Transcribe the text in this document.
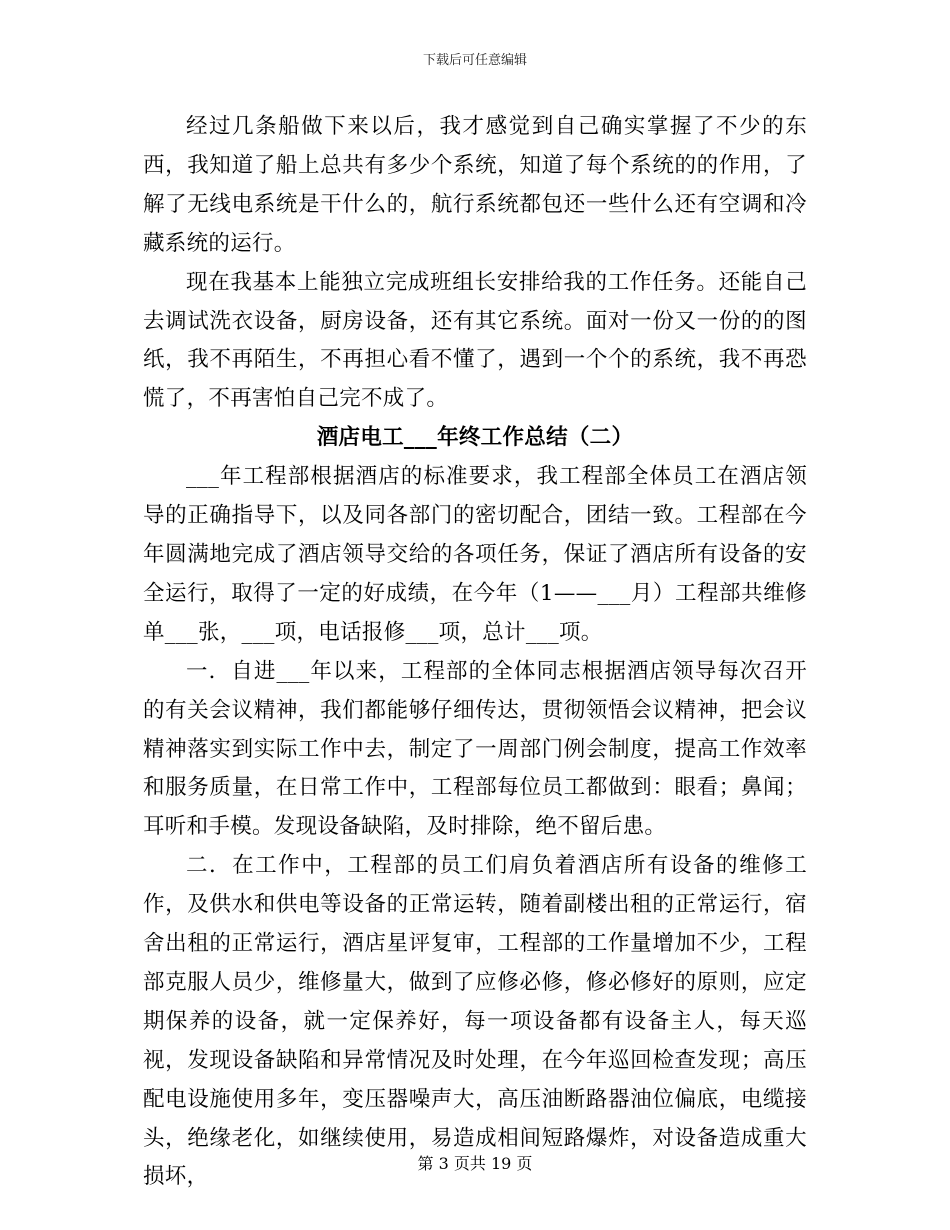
下载后可任意编辑

经过几条船做下来以后，我才感觉到自己确实掌握了不少的东西，我知道了船上总共有多少个系统，知道了每个系统的的作用，了解了无线电系统是干什么的，航行系统都包还一些什么还有空调和冷藏系统的运行。

现在我基本上能独立完成班组长安排给我的工作任务。还能自己去调试洗衣设备，厨房设备，还有其它系统。面对一份又一份的的图纸，我不再陌生，不再担心看不懂了，遇到一个个的系统，我不再恐慌了，不再害怕自己完不成了。

酒店电工___年终工作总结（二）

___年工程部根据酒店的标准要求，我工程部全体员工在酒店领导的正确指导下，以及同各部门的密切配合，团结一致。工程部在今年圆满地完成了酒店领导交给的各项任务，保证了酒店所有设备的安全运行，取得了一定的好成绩，在今年（1——___月）工程部共维修单___张，___项，电话报修___项，总计___项。

一．自进___年以来，工程部的全体同志根据酒店领导每次召开的有关会议精神，我们都能够仔细传达，贯彻领悟会议精神，把会议精神落实到实际工作中去，制定了一周部门例会制度，提高工作效率和服务质量，在日常工作中，工程部每位员工都做到：眼看；鼻闻；耳听和手模。发现设备缺陷，及时排除，绝不留后患。

二．在工作中，工程部的员工们肩负着酒店所有设备的维修工作，及供水和供电等设备的正常运转，随着副楼出租的正常运行，宿舍出租的正常运行，酒店星评复审，工程部的工作量增加不少，工程部克服人员少，维修量大，做到了应修必修，修必修好的原则，应定期保养的设备，就一定保养好，每一项设备都有设备主人，每天巡视，发现设备缺陷和异常情况及时处理，在今年巡回检查发现；高压配电设施使用多年，变压器噪声大，高压油断路器油位偏底，电缆接头，绝缘老化，如继续使用，易造成相间短路爆炸，对设备造成重大损坏，

第 3 页共 19 页
